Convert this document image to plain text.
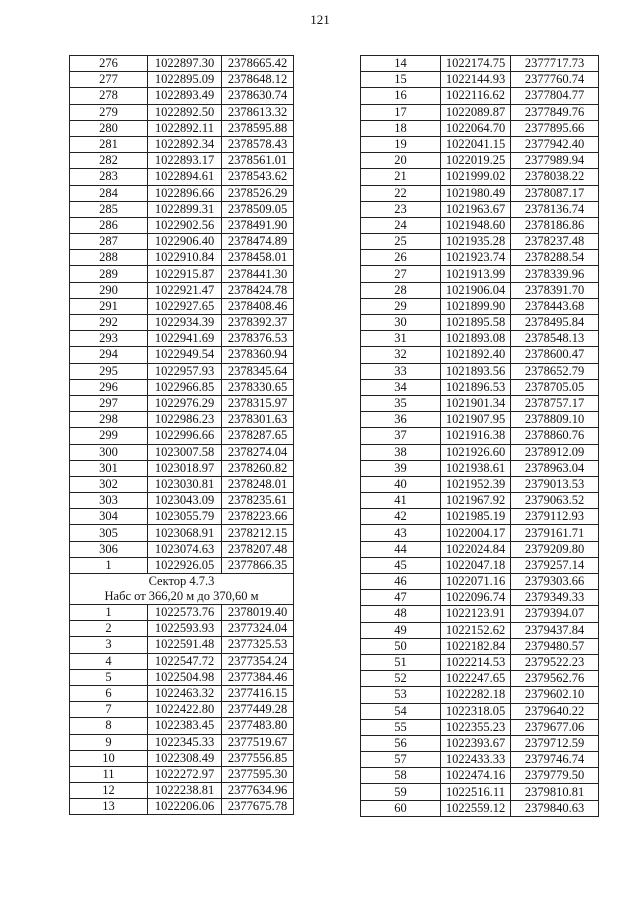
121
276	1022897.30	2378665.42
277	1022895.09	2378648.12
278	1022893.49	2378630.74
279	1022892.50	2378613.32
280	1022892.11	2378595.88
281	1022892.34	2378578.43
282	1022893.17	2378561.01
283	1022894.61	2378543.62
284	1022896.66	2378526.29
285	1022899.31	2378509.05
286	1022902.56	2378491.90
287	1022906.40	2378474.89
288	1022910.84	2378458.01
289	1022915.87	2378441.30
290	1022921.47	2378424.78
291	1022927.65	2378408.46
292	1022934.39	2378392.37
293	1022941.69	2378376.53
294	1022949.54	2378360.94
295	1022957.93	2378345.64
296	1022966.85	2378330.65
297	1022976.29	2378315.97
298	1022986.23	2378301.63
299	1022996.66	2378287.65
300	1023007.58	2378274.04
301	1023018.97	2378260.82
302	1023030.81	2378248.01
303	1023043.09	2378235.61
304	1023055.79	2378223.66
305	1023068.91	2378212.15
306	1023074.63	2378207.48
1	1022926.05	2377866.35

Сектор 4.7.3
Набс от 366,20 м до 370,60 м		

1	1022573.76	2378019.40
2	1022593.93	2377324.04
3	1022591.48	2377325.53
4	1022547.72	2377354.24
5	1022504.98	2377384.46
6	1022463.32	2377416.15
7	1022422.80	2377449.28
8	1022383.45	2377483.80
9	1022345.33	2377519.67
10	1022308.49	2377556.85
11	1022272.97	2377595.30
12	1022238.81	2377634.96
13	1022206.06	2377675.78
14	1022174.75	2377717.73
15	1022144.93	2377760.74
16	1022116.62	2377804.77
17	1022089.87	2377849.76
18	1022064.70	2377895.66
19	1022041.15	2377942.40
20	1022019.25	2377989.94
21	1021999.02	2378038.22
22	1021980.49	2378087.17
23	1021963.67	2378136.74
24	1021948.60	2378186.86
25	1021935.28	2378237.48
26	1021923.74	2378288.54
27	1021913.99	2378339.96
28	1021906.04	2378391.70
29	1021899.90	2378443.68
30	1021895.58	2378495.84
31	1021893.08	2378548.13
32	1021892.40	2378600.47
33	1021893.56	2378652.79
34	1021896.53	2378705.05
35	1021901.34	2378757.17
36	1021907.95	2378809.10
37	1021916.38	2378860.76
38	1021926.60	2378912.09
39	1021938.61	2378963.04
40	1021952.39	2379013.53
41	1021967.92	2379063.52
42	1021985.19	2379112.93
43	1022004.17	2379161.71
44	1022024.84	2379209.80
45	1022047.18	2379257.14
46	1022071.16	2379303.66
47	1022096.74	2379349.33
48	1022123.91	2379394.07
49	1022152.62	2379437.84
50	1022182.84	2379480.57
51	1022214.53	2379522.23
52	1022247.65	2379562.76
53	1022282.18	2379602.10
54	1022318.05	2379640.22
55	1022355.23	2379677.06
56	1022393.67	2379712.59
57	1022433.33	2379746.74
58	1022474.16	2379779.50
59	1022516.11	2379810.81
60	1022559.12	2379840.63
